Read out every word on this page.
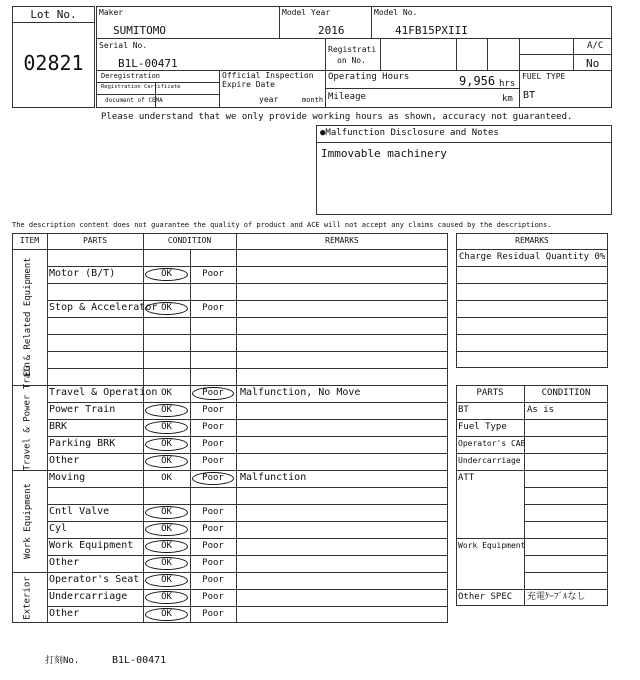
Lot No.
02821
Maker
SUMITOMO
Model Year
2016
Model No.
41FB15PXIII
Serial No.
B1L-00471
Registrati
on No.
A/C
No
Deregistration
Registration Certificate
document of CEMA
Official Inspection
Expire Date
year	month
Operating Hours	9,956 hrs
Mileage	km
FUEL TYPE
BT
Please understand that we only provide working hours as shown, accuracy not guaranteed.
●Malfunction Disclosure and Notes
Immovable machinery
The description content does not guarantee the quality of product and ACE will not accept any claims caused by the descriptions.
ITEM	PARTS	CONDITION	REMARKS
Motor (B/T)	OK	Poor
Stop & Accelerator OK	Poor
EG & Related Equipment
Travel & Operation OK	Poor	Malfunction, No Move
Power Train	OK	Poor
BRK	OK	Poor
Parking BRK	OK	Poor
Other	OK	Poor
Travel & Power Train
Moving	OK	Poor	Malfunction
Cntl Valve	OK	Poor
Cyl	OK	Poor
Work Equipment	OK	Poor
Other	OK	Poor
Work Equipment
Operator's Seat	OK	Poor
Undercarriage	OK	Poor
Other	OK	Poor
Exterior
REMARKS
Charge Residual Quantity 0%
PARTS	CONDITION
BT	As is
Fuel Type
Operator's CAB
Undercarriage
ATT
Work Equipment
Other SPEC 充電ｹｰﾌﾞﾙなし
打刻No.	B1L-00471
